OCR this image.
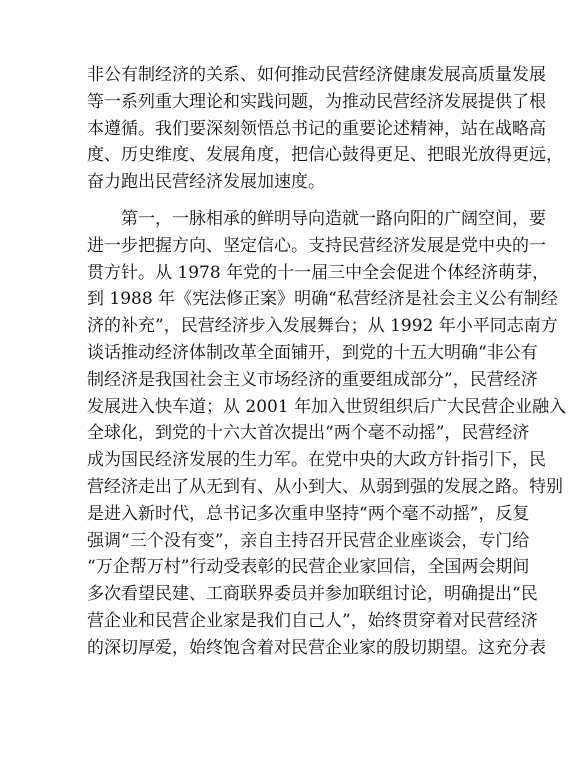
非公有制经济的关系、如何推动民营经济健康发展高质量发展
等一系列重大理论和实践问题，为推动民营经济发展提供了根
本遵循。我们要深刻领悟总书记的重要论述精神，站在战略高
度、历史维度、发展角度，把信心鼓得更足、把眼光放得更远，
奋力跑出民营经济发展加速度。
　　第一，一脉相承的鲜明导向造就一路向阳的广阔空间，要
进一步把握方向、坚定信心。支持民营经济发展是党中央的一
贯方针。从 1978 年党的十一届三中全会促进个体经济萌芽，
到 1988 年《宪法修正案》明确“私营经济是社会主义公有制经
济的补充”，民营经济步入发展舞台；从 1992 年小平同志南方
谈话推动经济体制改革全面铺开，到党的十五大明确“非公有
制经济是我国社会主义市场经济的重要组成部分”，民营经济
发展进入快车道；从 2001 年加入世贸组织后广大民营企业融入
全球化，到党的十六大首次提出“两个毫不动摇”，民营经济
成为国民经济发展的生力军。在党中央的大政方针指引下，民
营经济走出了从无到有、从小到大、从弱到强的发展之路。特别
是进入新时代，总书记多次重申坚持“两个毫不动摇”，反复
强调“三个没有变”，亲自主持召开民营企业座谈会，专门给
“万企帮万村”行动受表彰的民营企业家回信，全国两会期间
多次看望民建、工商联界委员并参加联组讨论，明确提出“民
营企业和民营企业家是我们自己人”，始终贯穿着对民营经济
的深切厚爱，始终饱含着对民营企业家的殷切期望。这充分表
